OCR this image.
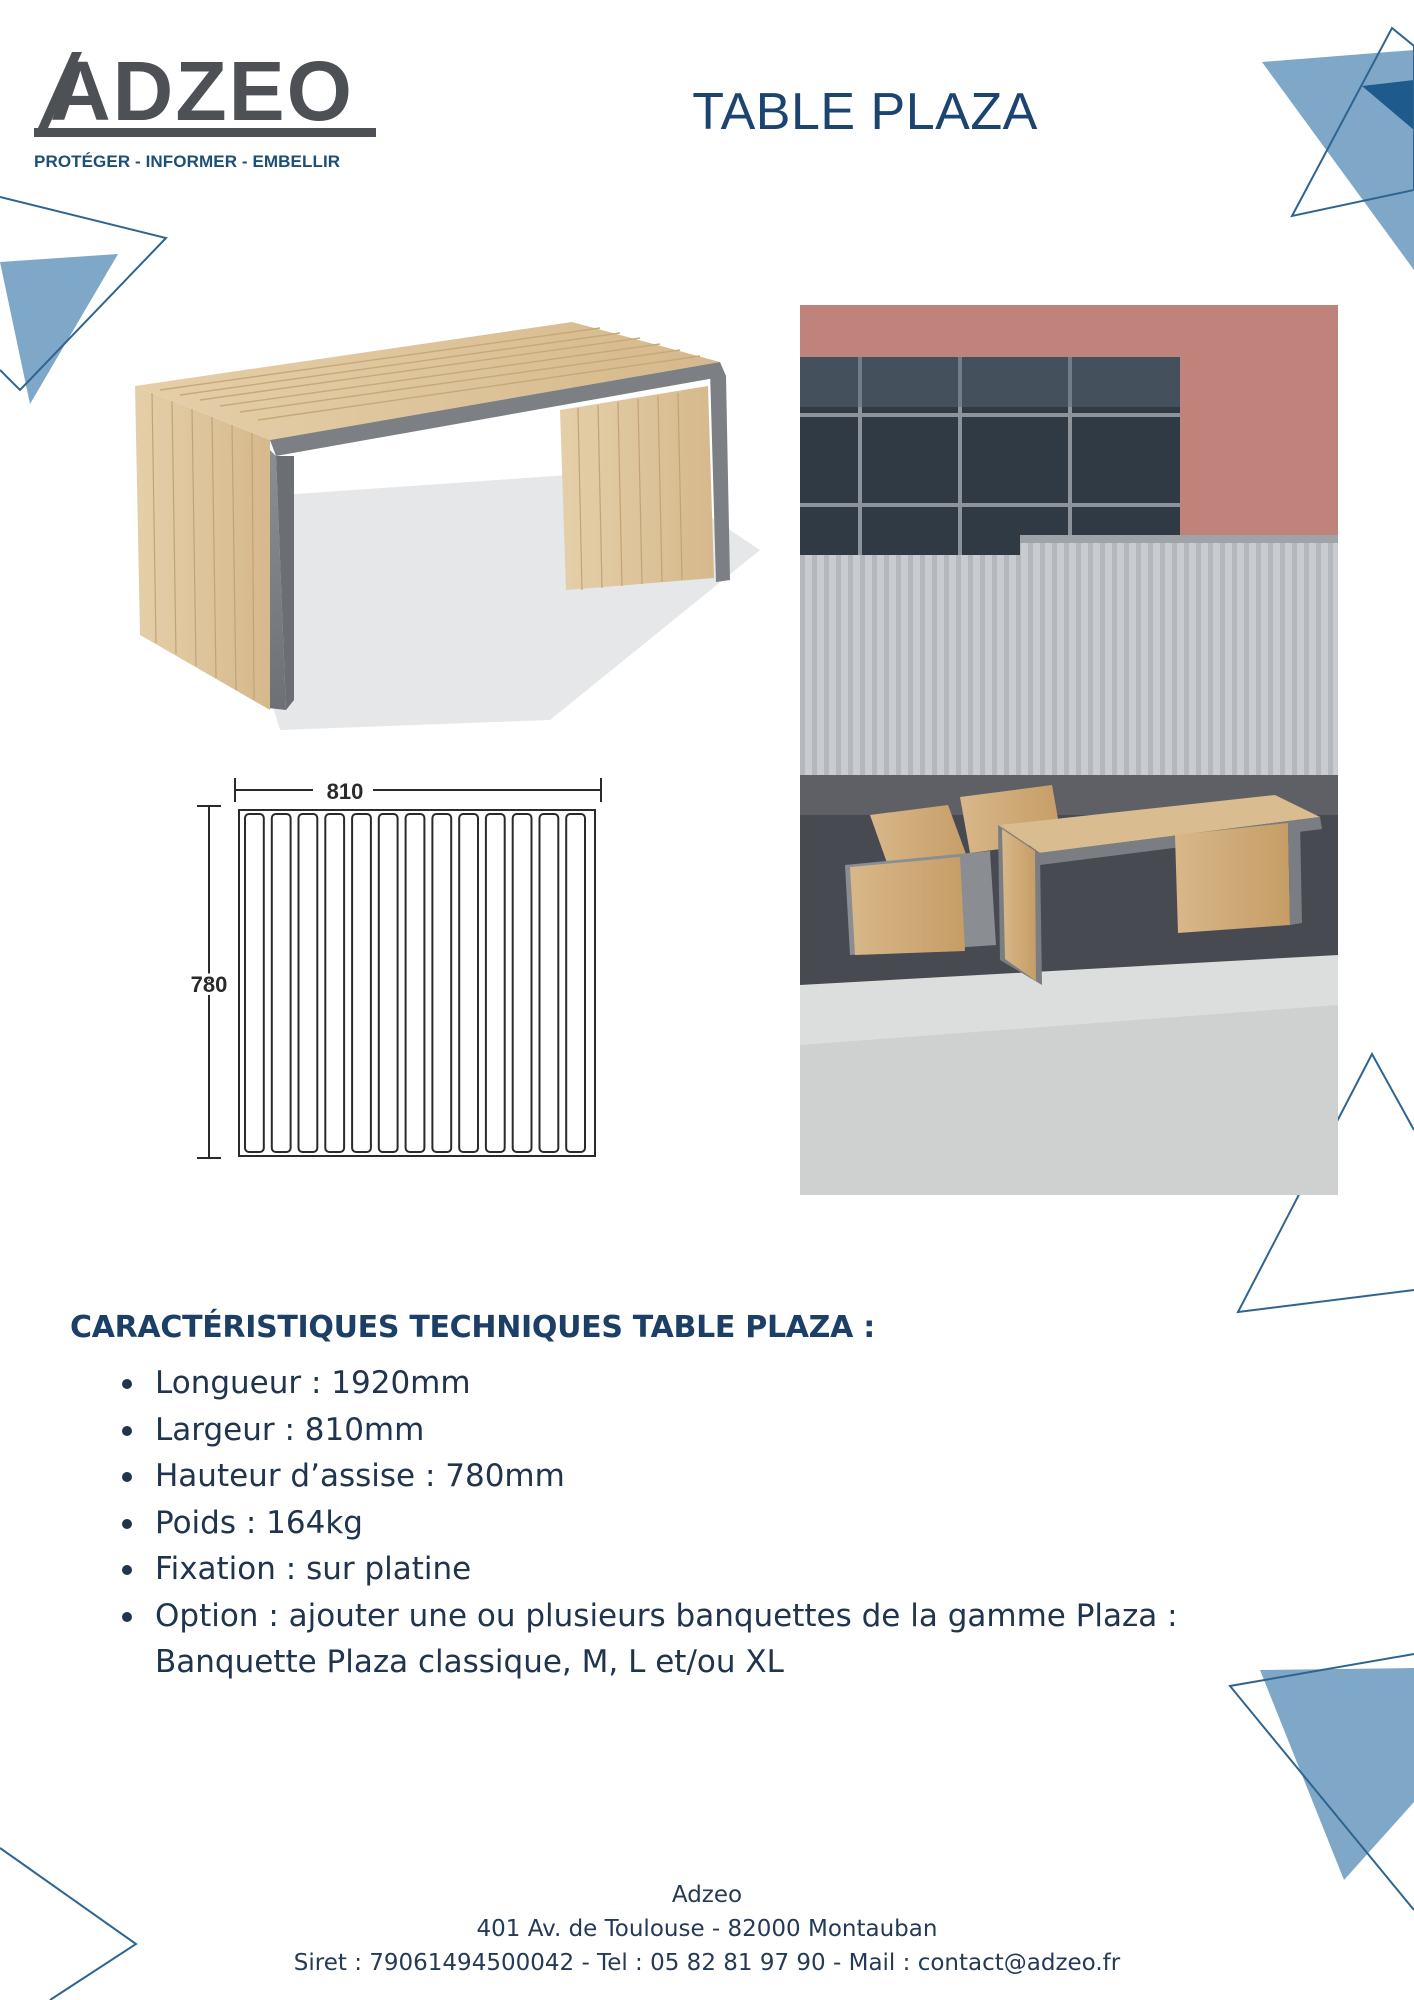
ADZEO
PROTÉGER - INFORMER - EMBELLIR
TABLE PLAZA
810
780
CARACTÉRISTIQUES TECHNIQUES TABLE PLAZA :
Longueur : 1920mm
Largeur : 810mm
Hauteur d’assise : 780mm
Poids : 164kg
Fixation : sur platine
Option : ajouter une ou plusieurs banquettes de la gamme Plaza : Banquette Plaza classique, M, L et/ou XL
Adzeo
401 Av. de Toulouse - 82000 Montauban
Siret : 79061494500042 - Tel : 05 82 81 97 90 - Mail : contact@adzeo.fr
